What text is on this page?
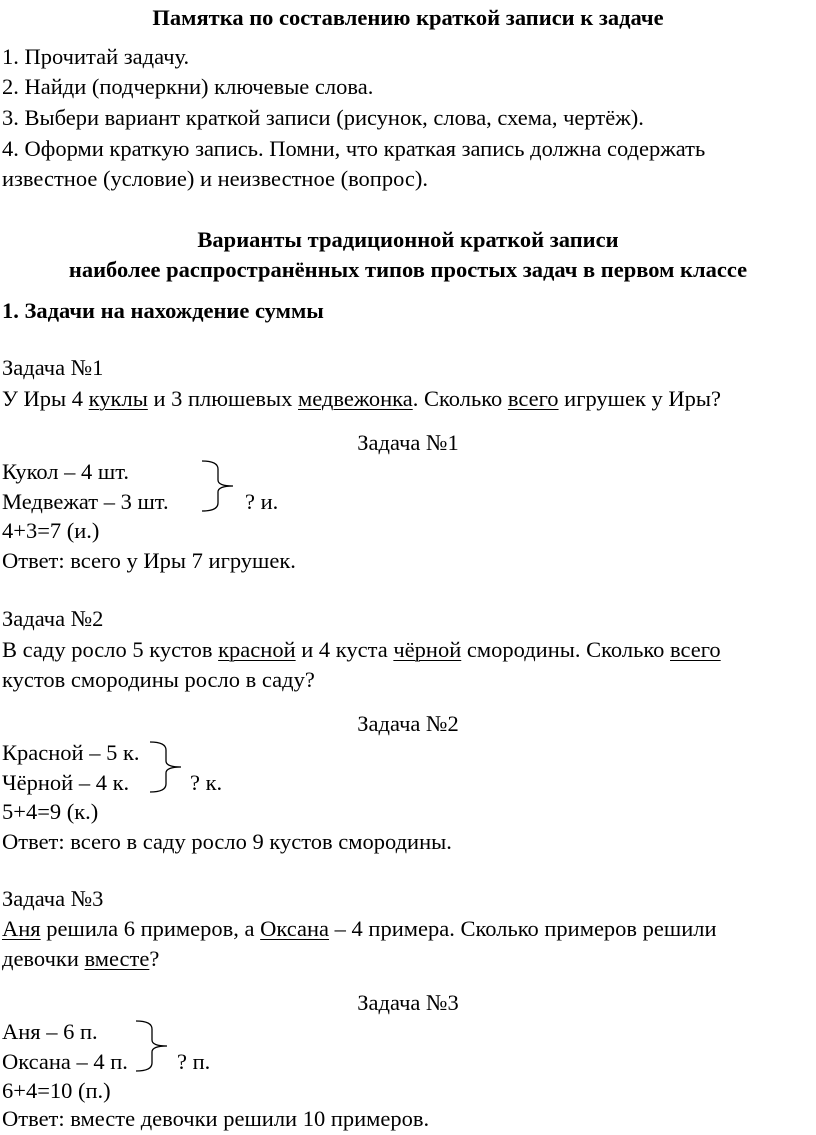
Памятка по составлению краткой записи к задаче
1. Прочитай задачу.
2. Найди (подчеркни) ключевые слова.
3. Выбери вариант краткой записи (рисунок, слова, схема, чертёж).
4. Оформи краткую запись. Помни, что краткая запись должна содержать
известное (условие) и неизвестное (вопрос).
Варианты традиционной краткой записи
наиболее распространённых типов простых задач в первом классе
1. Задачи на нахождение суммы
Задача №1
У Иры 4 куклы и 3 плюшевых медвежонка. Сколько всего игрушек у Иры?
Задача №1
Кукол – 4 шт.
Медвежат – 3 шт.	? и.
4+3=7 (и.)
Ответ: всего у Иры 7 игрушек.
Задача №2
В саду росло 5 кустов красной и 4 куста чёрной смородины. Сколько всего
кустов смородины росло в саду?
Задача №2
Красной – 5 к.
Чёрной – 4 к.	? к.
5+4=9 (к.)
Ответ: всего в саду росло 9 кустов смородины.
Задача №3
Аня решила 6 примеров, а Оксана – 4 примера. Сколько примеров решили
девочки вместе?
Задача №3
Аня – 6 п.
Оксана – 4 п. ? п.
6+4=10 (п.)
Ответ: вместе девочки решили 10 примеров.
